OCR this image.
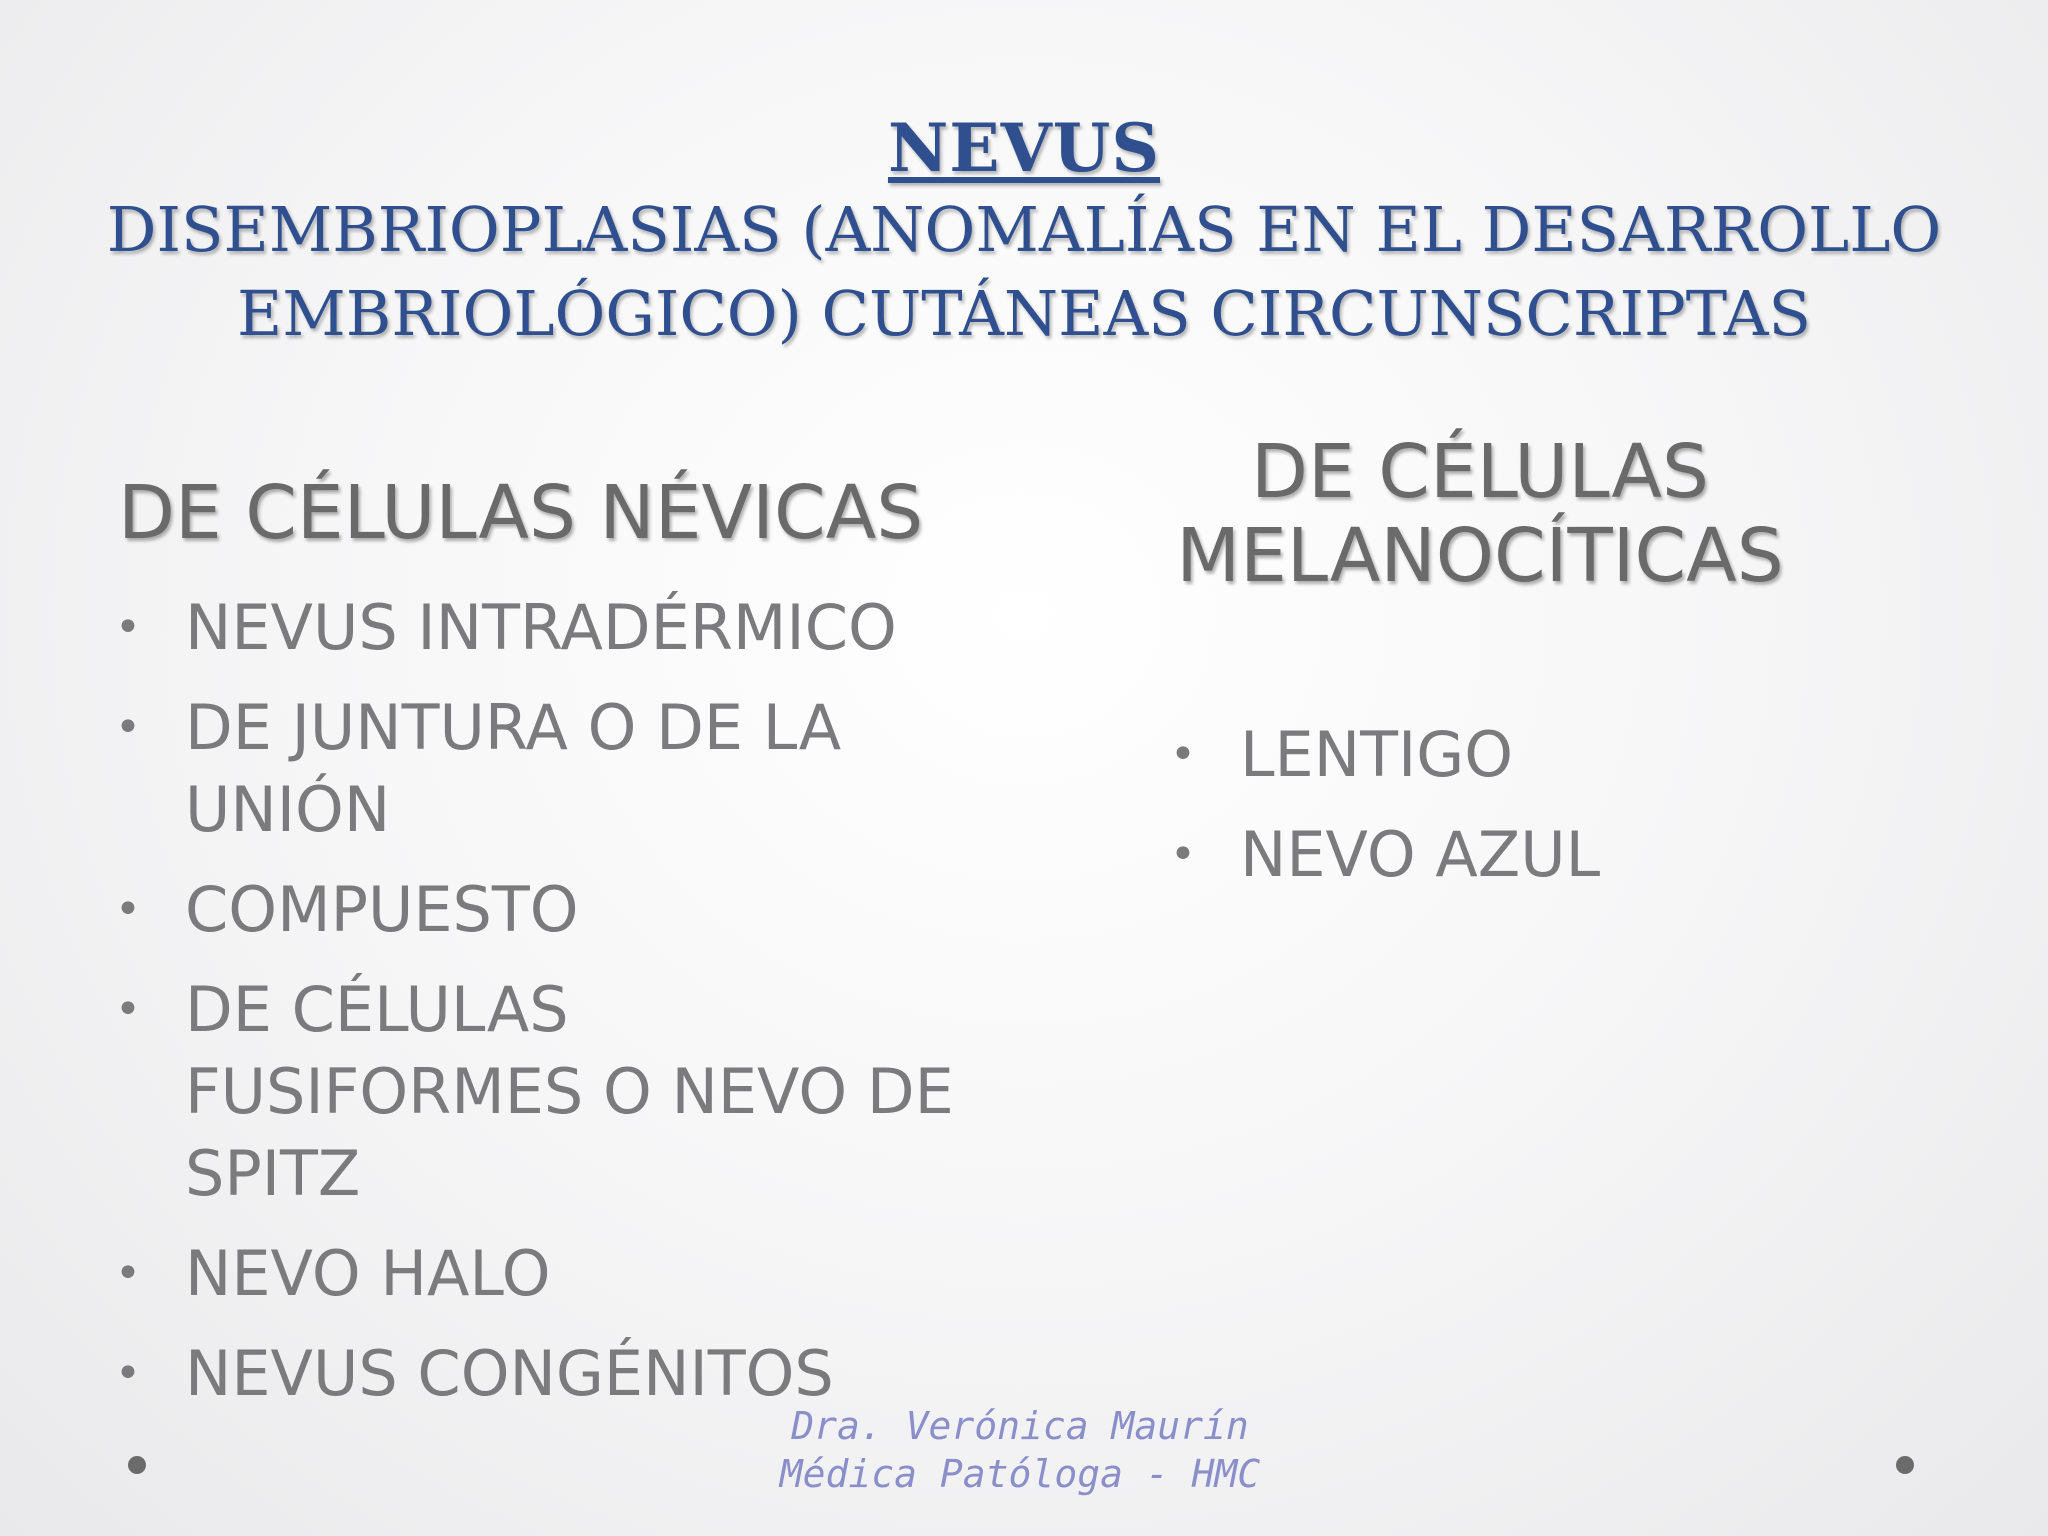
NEVUS
DISEMBRIOPLASIAS (ANOMALÍAS EN EL DESARROLLO
EMBRIOLÓGICO) CUTÁNEAS CIRCUNSCRIPTAS
DE CÉLULAS NÉVICAS
• NEVUS INTRADÉRMICO
• DE JUNTURA O DE LA UNIÓN
• COMPUESTO
• DE CÉLULAS FUSIFORMES O NEVO DE SPITZ
• NEVO HALO
• NEVUS CONGÉNITOS
DE CÉLULAS
MELANOCÍTICAS
• LENTIGO
• NEVO AZUL
Dra. Verónica Maurín
Médica Patóloga - HMC
